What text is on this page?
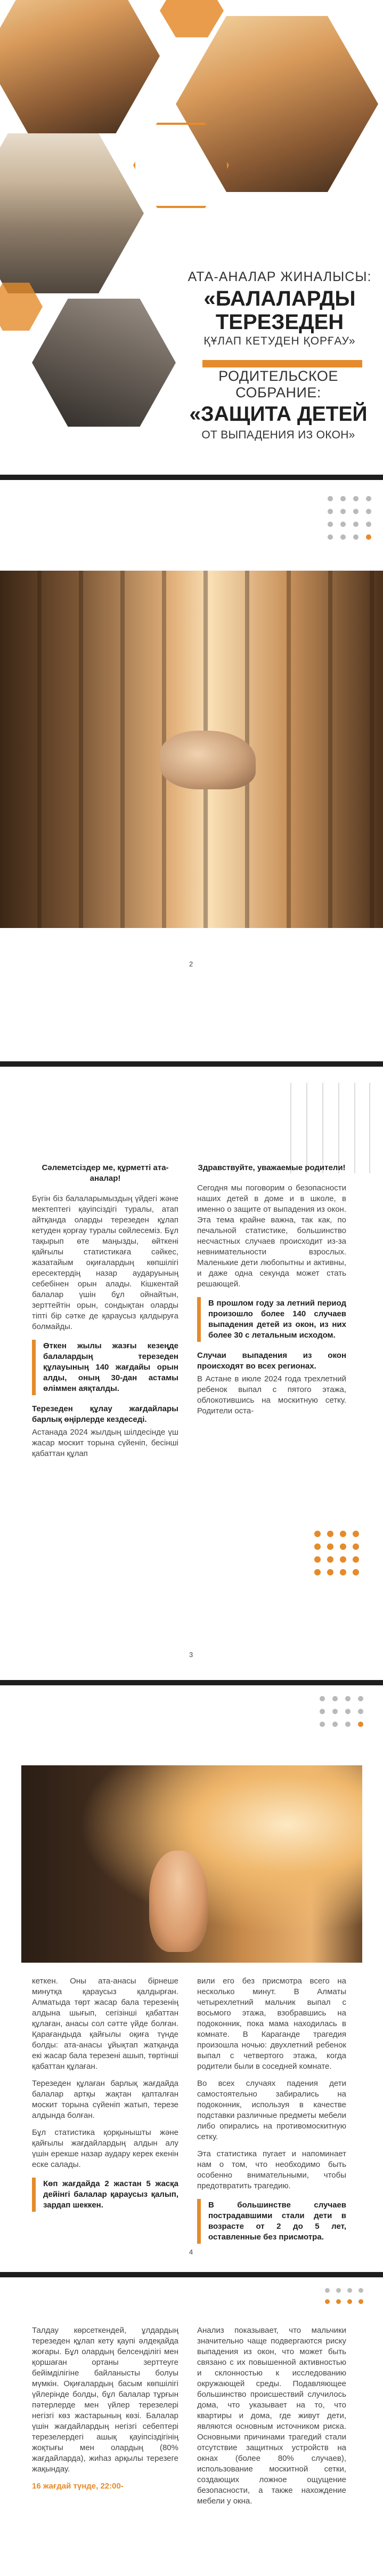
АТА-АНАЛАР ЖИНАЛЫСЫ:
«БАЛАЛАРДЫ ТЕРЕЗЕДЕН
ҚҰЛАП КЕТУДЕН ҚОРҒАУ»
РОДИТЕЛЬСКОЕ СОБРАНИЕ:
«ЗАЩИТА ДЕТЕЙ
ОТ ВЫПАДЕНИЯ ИЗ ОКОН»
2

Сәлеметсіздер ме, құрметті ата-аналар!

Бүгін біз балаларымыздың үйдегі және мектептегі қауіпсіздігі туралы, атап айтқанда оларды терезеден құлап кетуден қорғау туралы сөйлесеміз. Бұл тақырып өте маңызды, өйткені қайғылы статистикаға сәйкес, жазатайым оқиғалардың көпшілігі ересектердің назар аударуының себебінен орын алады. Кішкентай балалар үшін бұл ойнайтын, зерттейтін орын, сондықтан оларды тіпті бір сәтке де қараусыз қалдыруға болмайды.

Өткен жылы жазғы кезеңде балалардың терезеден құлауының 140 жағдайы орын алды, оның 30-дан астамы өліммен аяқталды.

Терезеден құлау жағдайлары барлық өңірлерде кездеседі.

Астанада 2024 жылдың шілдесінде үш жасар москит торына сүйеніп, бесінші қабаттан құлап

Здравствуйте, уважаемые родители!

Сегодня мы поговорим о безопасности наших детей в доме и в школе, в именно о защите от выпадения из окон. Эта тема крайне важна, так как, по печальной статистике, большинство несчастных случаев происходит из-за невнимательности взрослых. Маленькие дети любопытны и активны, и даже одна секунда может стать решающей.

В прошлом году за летний период произошло более 140 случаев выпадения детей из окон, из них более 30 с летальным исходом.

Случаи выпадения из окон происходят во всех регионах.

В Астане в июле 2024 года трехлетний ребенок выпал с пятого этажа, облокотившись на москитную сетку. Родители оста-

3

кеткен. Оны ата-анасы бірнеше минутқа қараусыз қалдырған. Алматыда төрт жасар бала терезенің алдына шығып, сегізінші қабаттан құлаған, анасы сол сәтте үйде болған. Қарағандыда қайғылы оқиға түнде болды: ата-анасы ұйықтап жатқанда екі жасар бала терезені ашып, төртінші қабаттан құлаған.

Терезеден құлаған барлық жағдайда балалар артқы жақтан қапталған москит торына сүйеніп жатып, терезе алдында болған.

Бұл статистика қорқынышты және қайғылы жағдайлардың алдын алу үшін ерекше назар аудару керек екенін еске салады.

Көп жағдайда 2 жастан 5 жасқа дейінгі балалар қараусыз қалып, зардап шеккен.

вили его без присмотра всего на несколько минут. В Алматы четырехлетний мальчик выпал с восьмого этажа, взобравшись на подоконник, пока мама находилась в комнате. В Караганде трагедия произошла ночью: двухлетний ребенок выпал с четвертого этажа, когда родители были в соседней комнате.

Во всех случаях падения дети самостоятельно забирались на подоконник, используя в качестве подставки различные предметы мебели либо опирались на противомоскитную сетку.

Эта статистика пугает и напоминает нам о том, что необходимо быть особенно внимательными, чтобы предотвратить трагедию.

В большинстве случаев пострадавшими стали дети в возрасте от 2 до 5 лет, оставленные без присмотра.
4

Талдау көрсеткендей, ұлдардың терезеден құлап кету қаупі әлдеқайда жоғары. Бұл олардың белсенділігі мен қоршаған ортаны зерттеуге бейімділігіне байланысты болуы мүмкін. Оқиғалардың басым көпшілігі үйлерінде болды, бұл балалар тұрғын пәтерлерде мен үйлер терезелері негізгі көз жастарының көзі. Балалар үшін жағдайлардың негізгі себептері терезелердегі ашық қауіпсіздігінің жоқтығы мен олардың (80% жағдайларда), жиһаз арқылы терезеге жақындау.

16 жағдай түнде, 22:00-

Анализ показывает, что мальчики значительно чаще подвергаются риску выпадения из окон, что может быть связано с их повышенной активностью и склонностью к исследованию окружающей среды. Подавляющее большинство происшествий случилось дома, что указывает на то, что квартиры и дома, где живут дети, являются основным источником риска. Основными причинами трагедий стали отсутствие защитных устройств на окнах (более 80% случаев), использование москитной сетки, создающих ложное ощущение безопасности, а также нахождение мебели у окна.
